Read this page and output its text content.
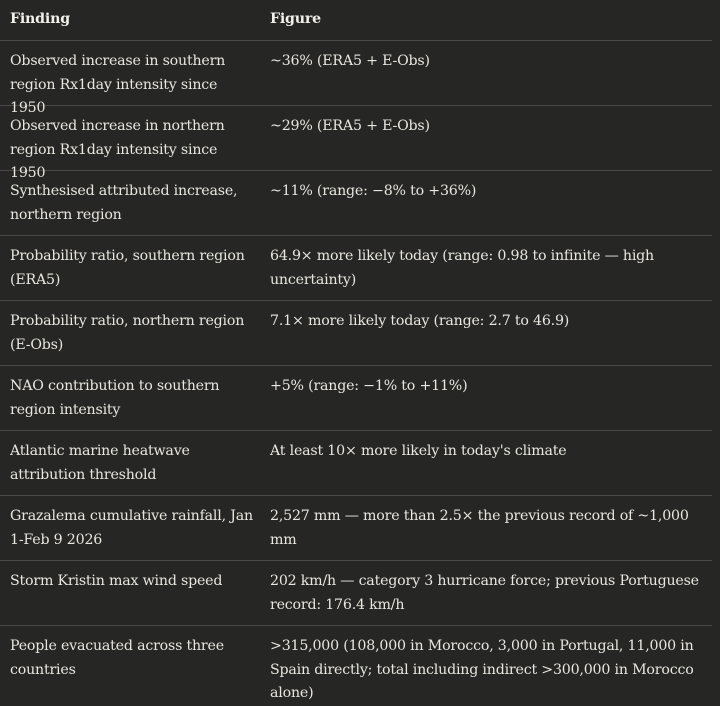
Finding	Figure
Observed increase in southern region Rx1day intensity since 1950
~36% (ERA5 + E-Obs)
Observed increase in northern region Rx1day intensity since 1950
~29% (ERA5 + E-Obs)
Synthesised attributed increase, northern region
~11% (range: −8% to +36%)
Probability ratio, southern region (ERA5)
64.9× more likely today (range: 0.98 to infinite — high uncertainty)
Probability ratio, northern region (E-Obs)
7.1× more likely today (range: 2.7 to 46.9)
NAO contribution to southern region intensity
+5% (range: −1% to +11%)
Atlantic marine heatwave attribution threshold
At least 10× more likely in today's climate
Grazalema cumulative rainfall, Jan 1-Feb 9 2026
2,527 mm — more than 2.5× the previous record of ~1,000 mm
Storm Kristin max wind speed	202 km/h — category 3 hurricane force; previous Portuguese record: 176.4 km/h
People evacuated across three countries
>315,000 (108,000 in Morocco, 3,000 in Portugal, 11,000 in Spain directly; total including indirect >300,000 in Morocco alone)
